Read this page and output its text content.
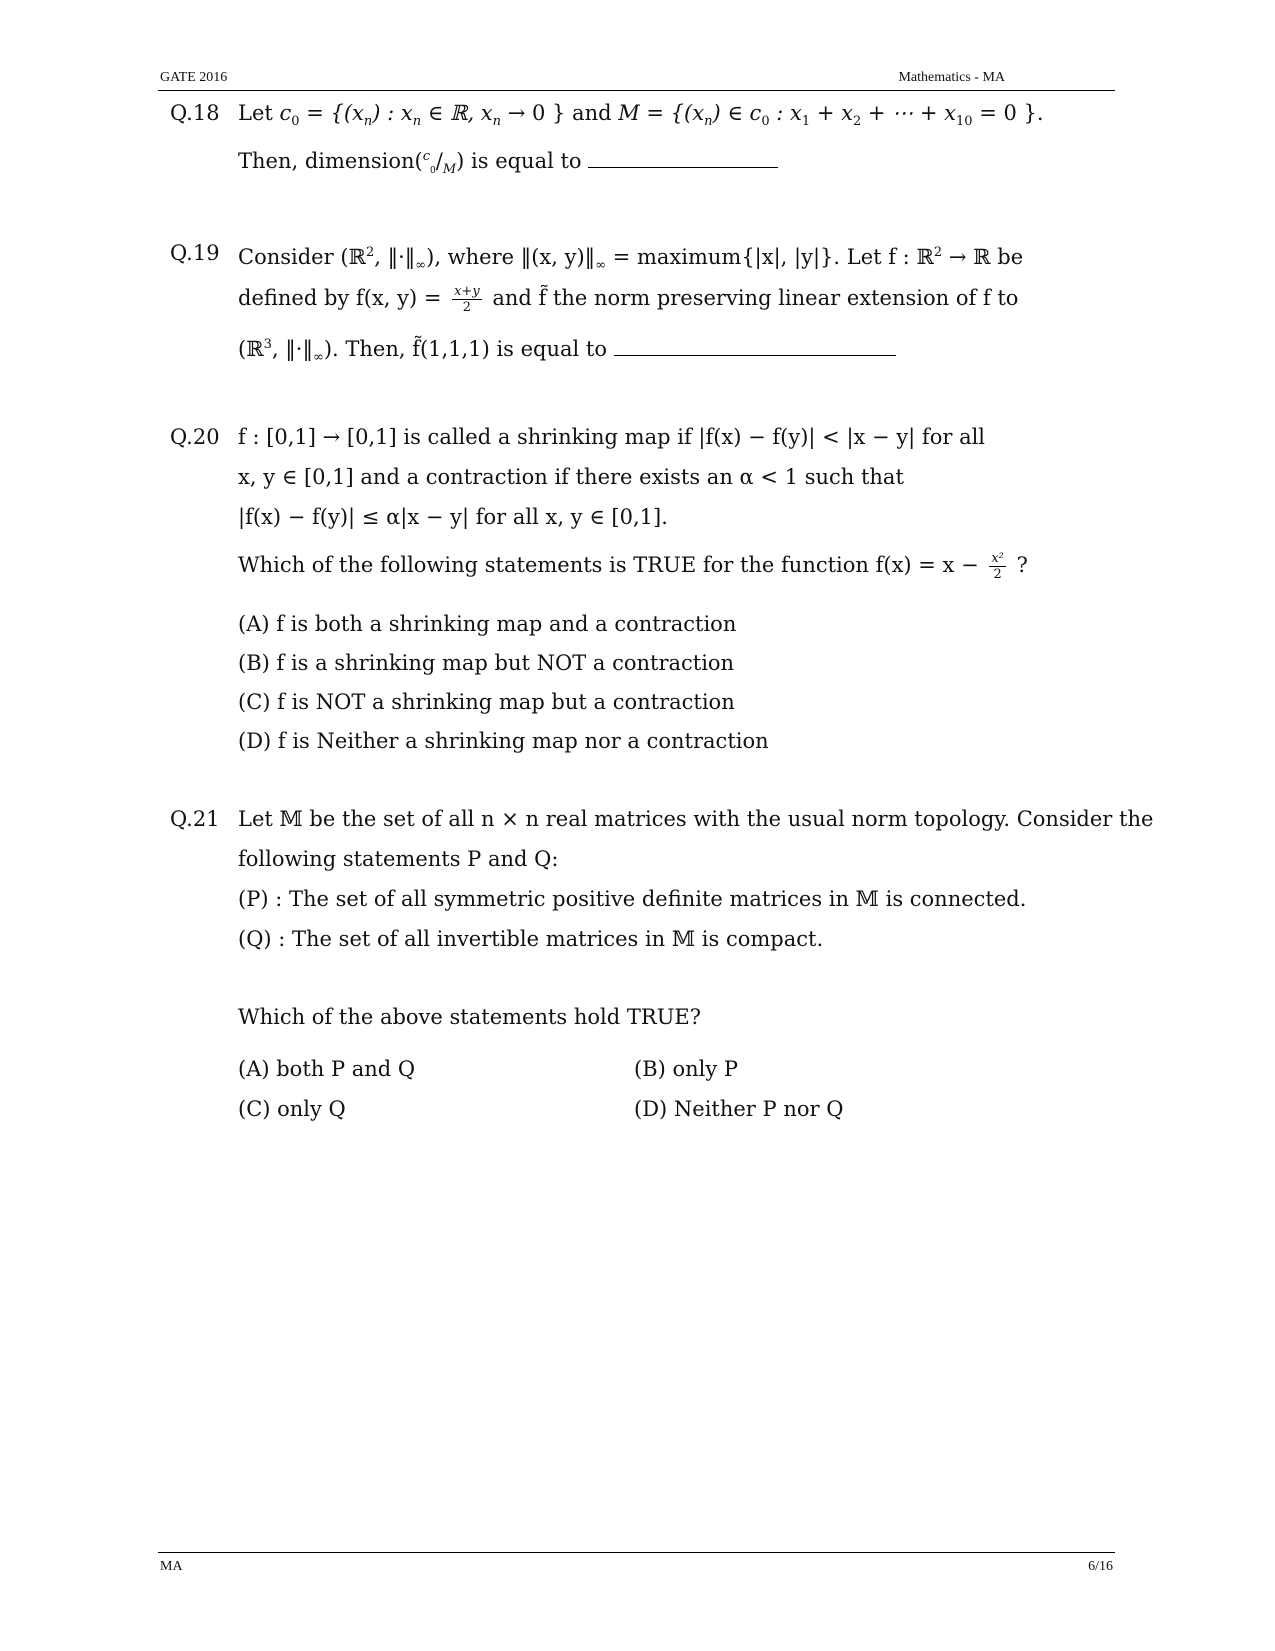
GATE 2016	Mathematics - MA
Q.18 Let $c_0 = \{(x_n)$ : $x_n$ ∈ ℝ, $x_n \to 0$ } and $M = \{(x_n)$ ∈ $c_0$ : $x_1 + x_2$ + ⋯ + $x_{10} = 0$ }.
Then, $dimension(^c_0/_M)$ is equal to
Q.19 Consider (ℝ$^2$, $‖\cdot‖_\infty$), where ‖(x, $y)‖_\infty$ = maximum{|x|, |y|}. Let f : ℝ$^2$ → ℝ be
defined by f(x, $y) = \frac{x+y}{2}$ and f̃ the norm preserving linear extension of f to
(ℝ$^3$, $‖\cdot‖_\infty$). Then, f̃(1,1,1) is equal to
Q.20 f : [0,1] → [0,1] is called a shrinking map if |f(x) − f(y)| < |x − y| for all
x, y ∈ [0,1] and a contraction if there exists an α < 1 such that
|f(x) − f(y)| ≤ α|x − y| for all x, y ∈ [0,1].
Which of the following statements is TRUE for the function $f(x) = x - \frac{\text{x²}}{2}$ ?
(A) f is both a shrinking map and a contraction
(B) f is a shrinking map but NOT a contraction
(C) f is NOT a shrinking map but a contraction
(D) f is Neither a shrinking map nor a contraction
Q.21 Let 𝕄 be the set of all n × n real matrices with the usual norm topology. Consider the
following statements P and Q:
(P) : The set of all symmetric positive definite matrices in 𝕄 is connected.
(Q) : The set of all invertible matrices in 𝕄 is compact.
Which of the above statements hold TRUE?
(A) both P and Q	(B) only P
(C) only Q	(D) Neither P nor Q
MA	6/16
